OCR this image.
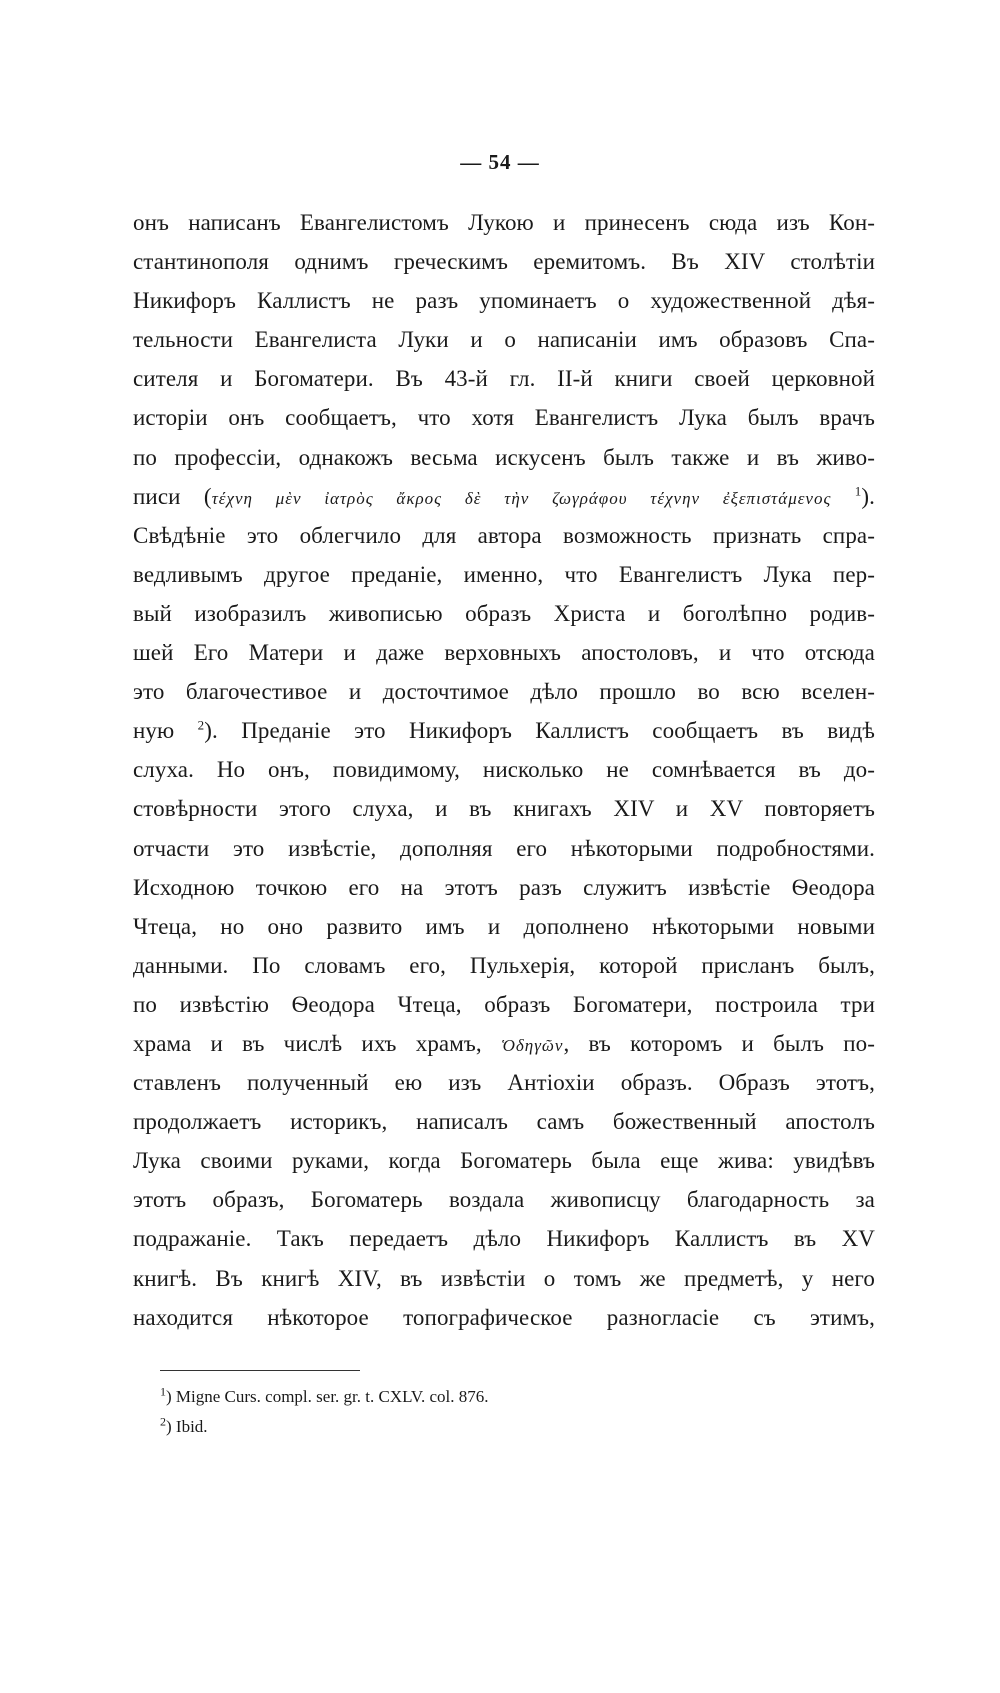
— 54 —
онъ написанъ Евангелистомъ Лукою и принесенъ сюда изъ Кон-
стантинополя однимъ греческимъ еремитомъ. Въ XIV столѣтіи
Никифоръ Каллистъ не разъ упоминаетъ о художественной дѣя-
тельности Евангелиста Луки и о написаніи имъ образовъ Спа-
сителя и Богоматери. Въ 43-й гл. II-й книги своей церковной
исторіи онъ сообщаетъ, что хотя Евангелистъ Лука былъ врачъ
по профессіи, однакожъ весьма искусенъ былъ также и въ живо-
писи (τέχνη μὲν ἰατρὸς ἄκρος δὲ τὴν ζωγράφου τέχνην ἐξεπιστάμενος $^1$).
Свѣдѣніе это облегчило для автора возможность признать спра-
ведливымъ другое преданіе, именно, что Евангелистъ Лука пер-
вый изобразилъ живописью образъ Христа и боголѣпно родив-
шей Его Матери и даже верховныхъ апостоловъ, и что отсюда
это благочестивое и досточтимое дѣло прошло во всю вселен-
ную $^2$). Преданіе это Никифоръ Каллистъ сообщаетъ въ видѣ
слуха. Но онъ, повидимому, нисколько не сомнѣвается въ до-
стовѣрности этого слуха, и въ книгахъ XIV и XV повторяетъ
отчасти это извѣстіе, дополняя его нѣкоторыми подробностями.
Исходною точкою его на этотъ разъ служитъ извѣстіе Ѳеодора
Чтеца, но оно развито имъ и дополнено нѣкоторыми новыми
данными. По словамъ его, Пульхерія, которой присланъ былъ,
по извѣстію Ѳеодора Чтеца, образъ Богоматери, построила три
храма и въ числѣ ихъ храмъ, Ὁδηγῶν, въ которомъ и былъ по-
ставленъ полученный ею изъ Антіохіи образъ. Образъ этотъ,
продолжаетъ историкъ, написалъ самъ божественный апостолъ
Лука своими руками, когда Богоматерь была еще жива: увидѣвъ
этотъ образъ, Богоматерь воздала живописцу благодарность за
подражаніе. Такъ передаетъ дѣло Никифоръ Каллистъ въ XV
книгѣ. Въ книгѣ XIV, въ извѣстіи о томъ же предметѣ, у него
находится нѣкоторое топографическое разногласіе съ этимъ,
$^1$) Migne Curs. compl. ser. gr. t. CXLV. col. 876.
$^2$) Ibid.
